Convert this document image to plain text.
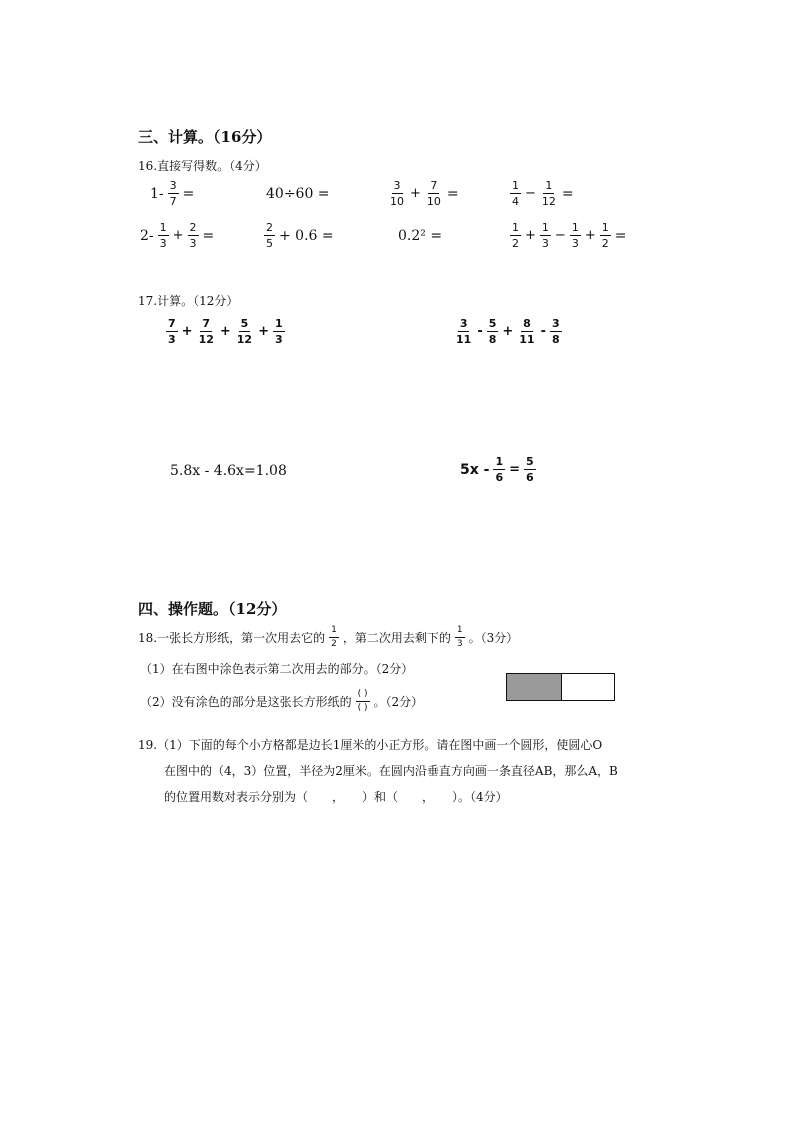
三、计算。（16分）
16.直接写得数。（4分）
$1- \frac{3}{7}$ =	40÷60 =	$\frac{3}{10} + \frac{7}{10}$ =	$\frac{1}{4} - \frac{1}{12}$ =
$2- \frac{1}{3} + \frac{2}{3}$ =	$\frac{2}{5} + 0.6$ =	0.2² =	$\frac{1}{2} + \frac{1}{3} - \frac{1}{3} + \frac{1}{2}$ =
17.计算。（12分）
$\frac{7}{3} + \frac{7}{12} + \frac{5}{12} + \frac{1}{3}$	$\frac{3}{11} - \frac{5}{8} + \frac{8}{11} - \frac{3}{8}$
5.8x - 4.6x=1.08	$5x - \frac{1}{6} = \frac{5}{6}$
四、操作题。（12分）
18.一张长方形纸，第一次用去它的 $\frac{1}{2}$ ，第二次用去剩下的 $\frac{1}{3}$ 。（3分）
（1）在右图中涂色表示第二次用去的部分。（2分）
（2）没有涂色的部分是这张长方形纸的 $\frac{( )}{( )}$ 。（2分）
19.（1）下面的每个小方格都是边长1厘米的小正方形。请在图中画一个圆形，使圆心O
在图中的（4，3）位置，半径为2厘米。在圆内沿垂直方向画一条直径AB，那么A，B
的位置用数对表示分别为（　　，　　）和（　　，　　）。（4分）
